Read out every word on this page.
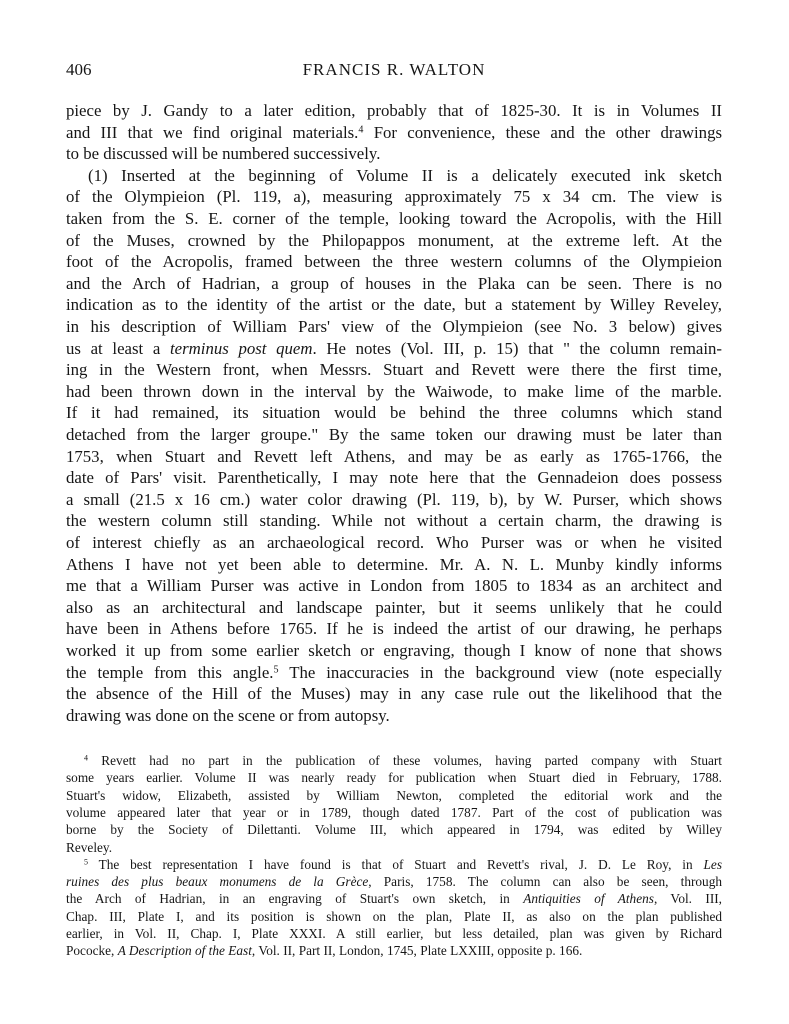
406	FRANCIS R. WALTON
piece by J. Gandy to a later edition, probably that of 1825-30. It is in Volumes II
and III that we find original materials.$^4$ For convenience, these and the other drawings
to be discussed will be numbered successively.
(1) Inserted at the beginning of Volume II is a delicately executed ink sketch
of the Olympieion (Pl. 119, a), measuring approximately 75 x 34 cm. The view is
taken from the S. E. corner of the temple, looking toward the Acropolis, with the Hill
of the Muses, crowned by the Philopappos monument, at the extreme left. At the
foot of the Acropolis, framed between the three western columns of the Olympieion
and the Arch of Hadrian, a group of houses in the Plaka can be seen. There is no
indication as to the identity of the artist or the date, but a statement by Willey Reveley,
in his description of William Pars' view of the Olympieion (see No. 3 below) gives
us at least a terminus post quem. He notes (Vol. III, p. 15) that " the column remain-
ing in the Western front, when Messrs. Stuart and Revett were there the first time,
had been thrown down in the interval by the Waiwode, to make lime of the marble.
If it had remained, its situation would be behind the three columns which stand
detached from the larger groupe." By the same token our drawing must be later than
1753, when Stuart and Revett left Athens, and may be as early as 1765-1766, the
date of Pars' visit. Parenthetically, I may note here that the Gennadeion does possess
a small (21.5 x 16 cm.) water color drawing (Pl. 119, b), by W. Purser, which shows
the western column still standing. While not without a certain charm, the drawing is
of interest chiefly as an archaeological record. Who Purser was or when he visited
Athens I have not yet been able to determine. Mr. A. N. L. Munby kindly informs
me that a William Purser was active in London from 1805 to 1834 as an architect and
also as an architectural and landscape painter, but it seems unlikely that he could
have been in Athens before 1765. If he is indeed the artist of our drawing, he perhaps
worked it up from some earlier sketch or engraving, though I know of none that shows
the temple from this angle.$^5$ The inaccuracies in the background view (note especially
the absence of the Hill of the Muses) may in any case rule out the likelihood that the
drawing was done on the scene or from autopsy.
$^4$ Revett had no part in the publication of these volumes, having parted company with Stuart
some years earlier. Volume II was nearly ready for publication when Stuart died in February, 1788.
Stuart's widow, Elizabeth, assisted by William Newton, completed the editorial work and the
volume appeared later that year or in 1789, though dated 1787. Part of the cost of publication was
borne by the Society of Dilettanti. Volume III, which appeared in 1794, was edited by Willey
Reveley.
$^5$ The best representation I have found is that of Stuart and Revett's rival, J. D. Le Roy, in Les
ruines des plus beaux monumens de la Grèce, Paris, 1758. The column can also be seen, through
the Arch of Hadrian, in an engraving of Stuart's own sketch, in Antiquities of Athens, Vol. III,
Chap. III, Plate I, and its position is shown on the plan, Plate II, as also on the plan published
earlier, in Vol. II, Chap. I, Plate XXXI. A still earlier, but less detailed, plan was given by Richard
Pococke, A Description of the East, Vol. II, Part II, London, 1745, Plate LXXIII, opposite p. 166.
